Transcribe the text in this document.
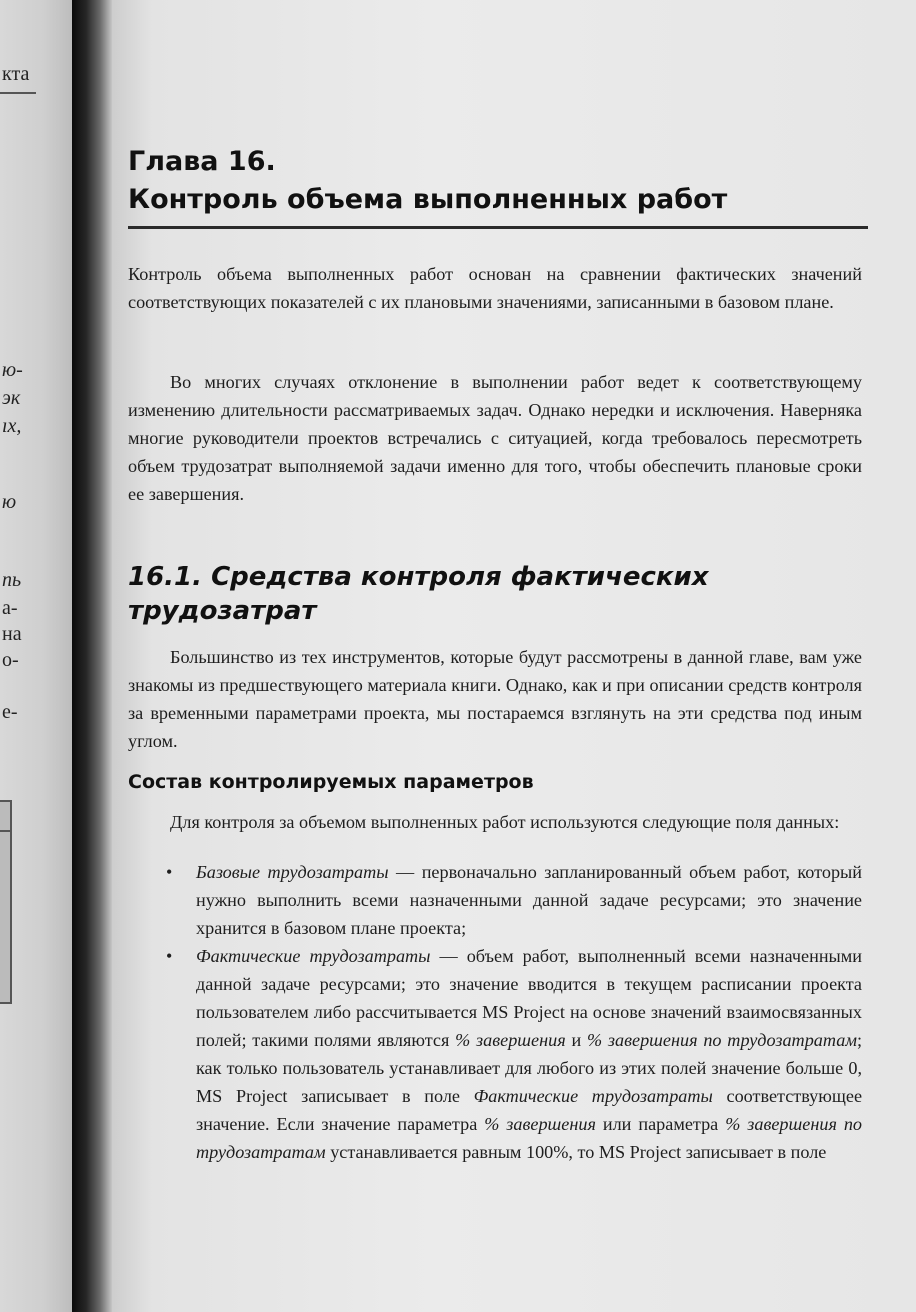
кта
ю-
эк
ıх,
ю
пь
а-
на
о-
е-
Глава 16.
Контроль объема выполненных работ

Контроль объема выполненных работ основан на сравнении фактических значений соответствующих показателей с их плановыми значениями, записанными в базовом плане.

Во многих случаях отклонение в выполнении работ ведет к соответствующему изменению длительности рассматриваемых задач. Однако нередки и исключения. Наверняка многие руководители проектов встречались с ситуацией, когда требовалось пересмотреть объем трудозатрат выполняемой задачи именно для того, чтобы обеспечить плановые сроки ее завершения.

16.1. Средства контроля фактических трудозатрат

Большинство из тех инструментов, которые будут рассмотрены в данной главе, вам уже знакомы из предшествующего материала книги. Однако, как и при описании средств контроля за временными параметрами проекта, мы постараемся взглянуть на эти средства под иным углом.

Состав контролируемых параметров

Для контроля за объемом выполненных работ используются следующие поля данных:

• Базовые трудозатраты — первоначально запланированный объем работ, который нужно выполнить всеми назначенными данной задаче ресурсами; это значение хранится в базовом плане проекта;
• Фактические трудозатраты — объем работ, выполненный всеми назначенными данной задаче ресурсами; это значение вводится в текущем расписании проекта пользователем либо рассчитывается MS Project на основе значений взаимосвязанных полей; такими полями являются % завершения и % завершения по трудозатратам; как только пользователь устанавливает для любого из этих полей значение больше 0, MS Project записывает в поле Фактические трудозатраты соответствующее значение. Если значение параметра % завершения или параметра % завершения по трудозатратам устанавливается равным 100%, то MS Project записывает в поле
